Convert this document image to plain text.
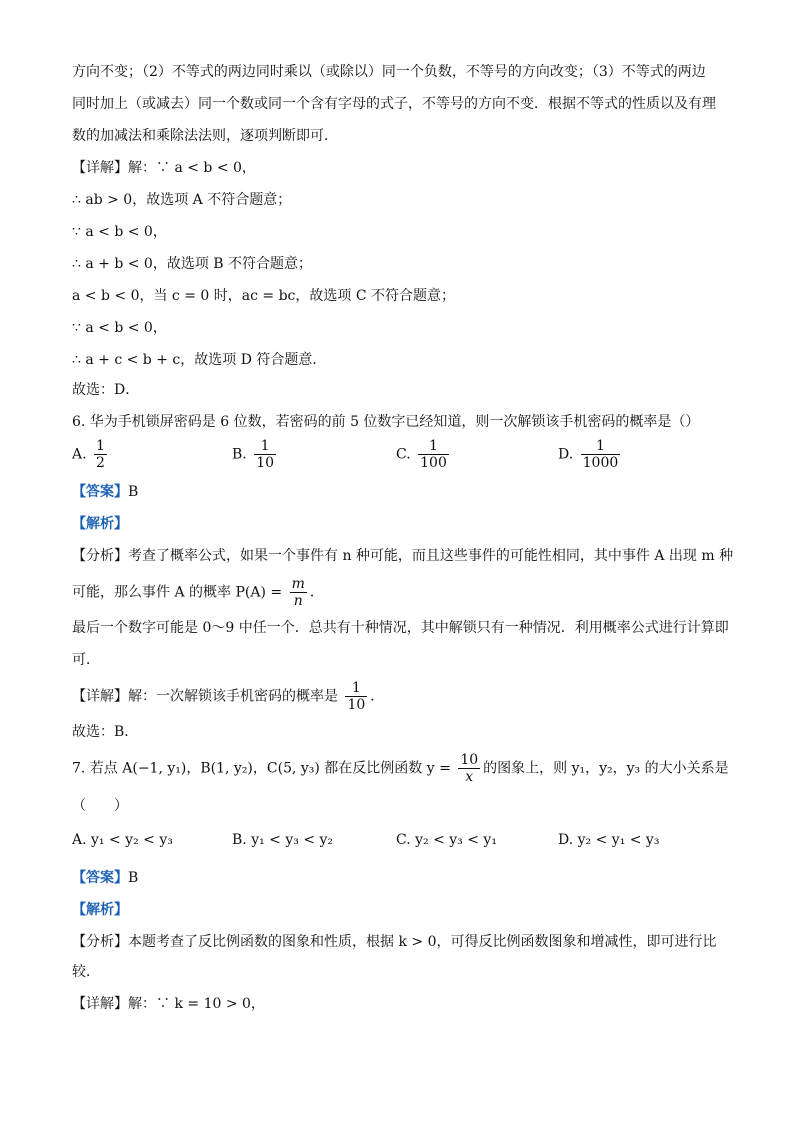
方向不变；（2）不等式的两边同时乘以（或除以）同一个负数，不等号的方向改变；（3）不等式的两边
同时加上（或减去）同一个数或同一个含有字母的式子，不等号的方向不变．根据不等式的性质以及有理
数的加减法和乘除法法则，逐项判断即可．
【详解】解：∵ a < b < 0，
∴ ab > 0，故选项 A 不符合题意；
∵ a < b < 0，
∴ a + b < 0，故选项 B 不符合题意；
a < b < 0，当 c = 0 时，ac = bc，故选项 C 不符合题意；
∵ a < b < 0，
∴ a + c < b + c，故选项 D 符合题意．
故选：D．
6. 华为手机锁屏密码是 6 位数，若密码的前 5 位数字已经知道，则一次解锁该手机密码的概率是（）
A. $\frac{1}{2}$	B. $\frac{1}{10}$	C. $\frac{1}{100}$	D. $\frac{1}{1000}$
【答案】B
【解析】
【分析】考查了概率公式，如果一个事件有 n 种可能，而且这些事件的可能性相同，其中事件 A 出现 m 种
可能，那么事件 A 的概率 $P(A) = \frac{m}{n}$ ．
最后一个数字可能是 0～9 中任一个．总共有十种情况，其中解锁只有一种情况．利用概率公式进行计算即
可．
【详解】解：一次解锁该手机密码的概率是 $\frac{1}{10}$ ．
故选：B．
7. 若点 A(−1, y₁)，B(1, y₂)，C(5, y₃) 都在反比例函数 $y = \frac{10}{x}$ 的图象上，则 y₁，y₂，y₃ 的大小关系是
（　　）
A. y₁ < y₂ < y₃	B. y₁ < y₃ < y₂	C. y₂ < y₃ < y₁	D. y₂ < y₁ < y₃
【答案】B
【解析】
【分析】本题考查了反比例函数的图象和性质，根据 k > 0，可得反比例函数图象和增减性，即可进行比
较．
【详解】解：∵ k = 10 > 0，
